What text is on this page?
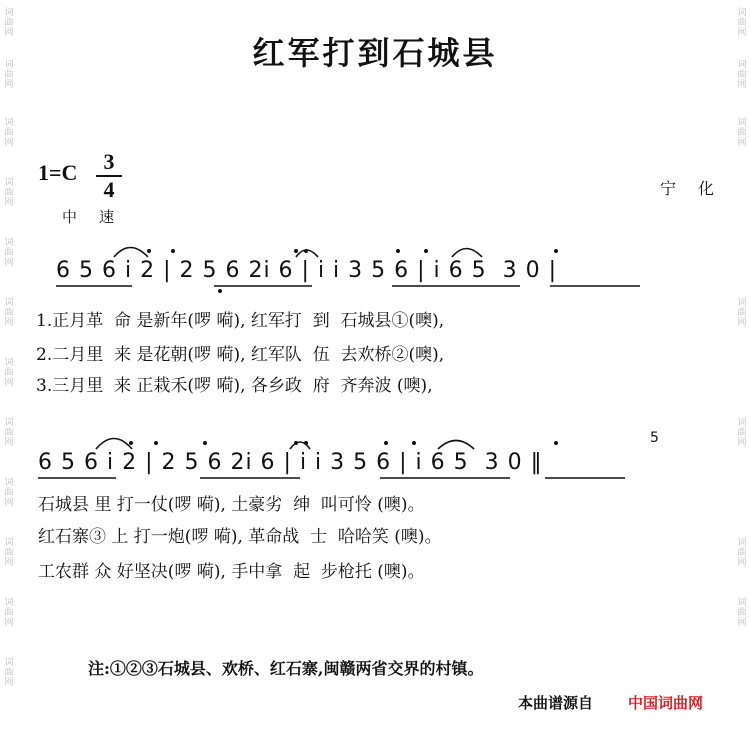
词曲网
词曲网
词曲网
词曲网
词曲网
词曲网
词曲网
词曲网
词曲网
词曲网
词曲网
词曲网
词曲网
词曲网
词曲网
词曲网
词曲网
词曲网
词曲网
红军打到石城县
1=C	3
4
中速
宁化
6 5 6 i 2 | 2 5 6 2i 6 | i i 3 5 6 | i 6 5  3 0 |
1.正月革  命 是新年(啰 嗬), 红军打  到  石城县①(噢),
2.二月里  来 是花朝(啰 嗬), 红军队  伍  去欢桥②(噢),
3.三月里  来 正栽禾(啰 嗬), 各乡政  府  齐奔波 (噢),
5
6 5 6 i 2 | 2 5 6 2i 6 | i i 3 5 6 | i 6 5  3 0 ‖
石城县 里 打一仗(啰 嗬), 土豪劣  绅  叫可怜 (噢)。
红石寨③ 上 打一炮(啰 嗬), 革命战  士  哈哈笑 (噢)。
工农群 众 好坚决(啰 嗬), 手中拿  起  步枪托 (噢)。
注:①②③石城县、欢桥、红石寨,闽赣两省交界的村镇。
本曲谱源自 中国词曲网
